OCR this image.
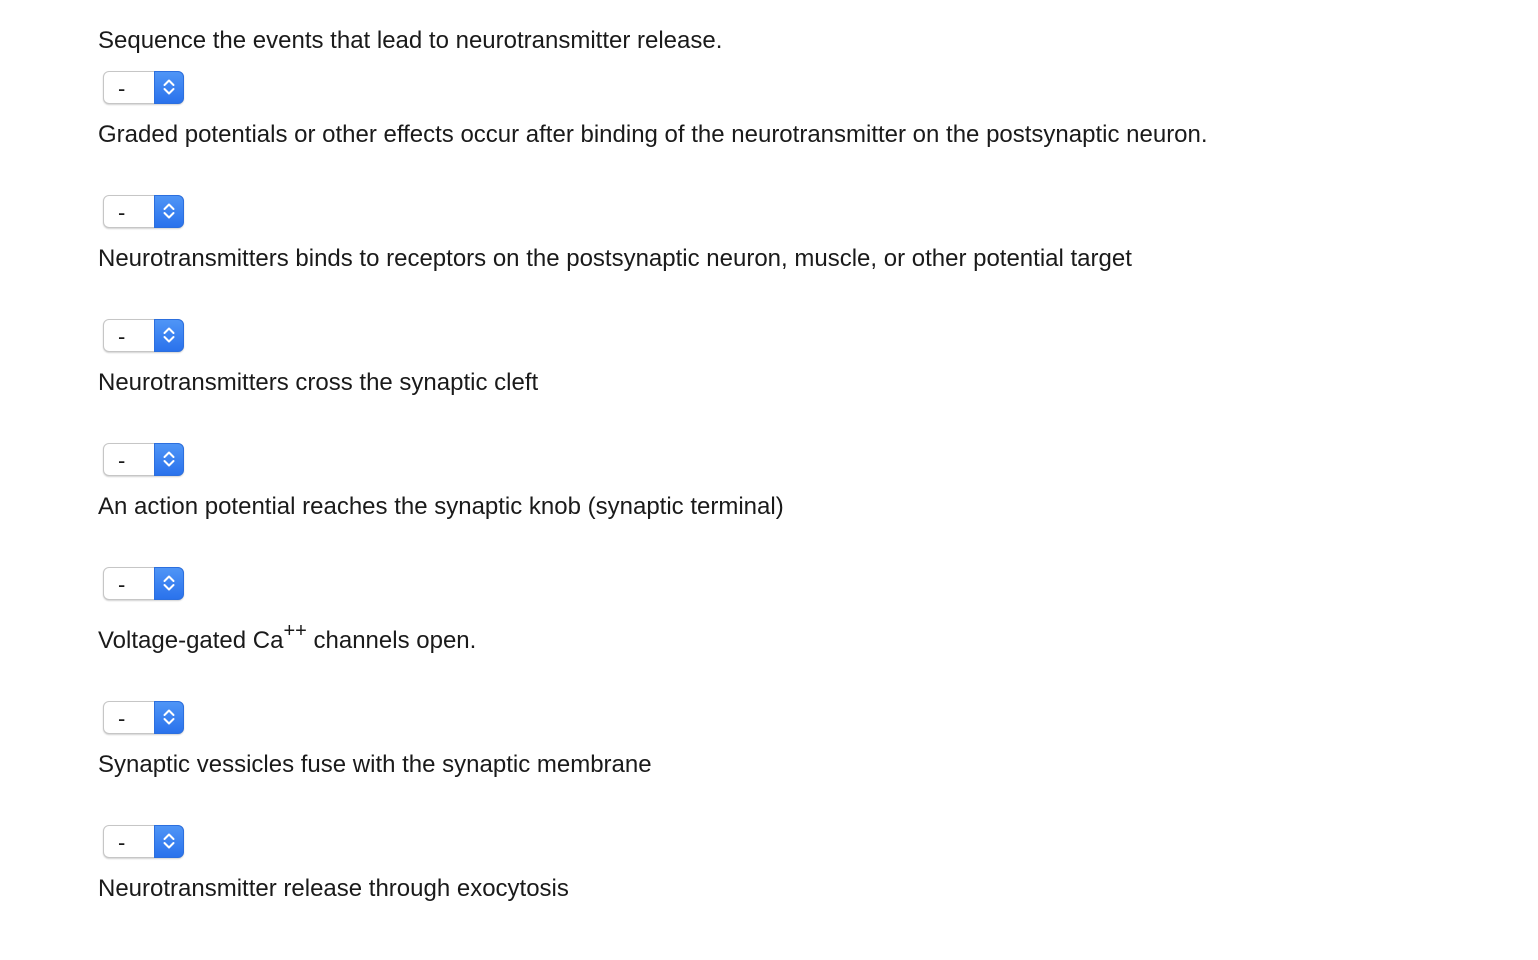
Sequence the events that lead to neurotransmitter release.
-
Graded potentials or other effects occur after binding of the neurotransmitter on the postsynaptic neuron.
-
Neurotransmitters binds to receptors on the postsynaptic neuron, muscle, or other potential target
-
Neurotransmitters cross the synaptic cleft
-
An action potential reaches the synaptic knob (synaptic terminal)
-
Voltage-gated Ca++ channels open.
-
Synaptic vessicles fuse with the synaptic membrane
-
Neurotransmitter release through exocytosis
